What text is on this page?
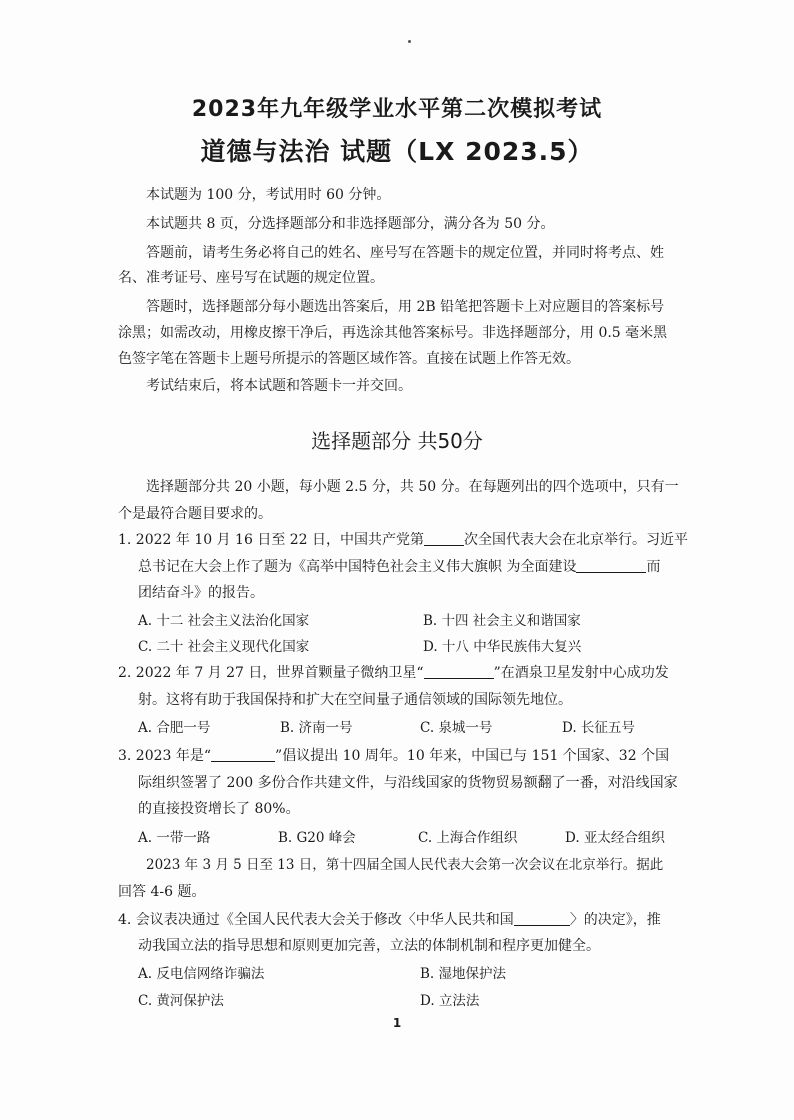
2023年九年级学业水平第二次模拟考试
道德与法治 试题（LX 2023.5）
本试题为 100 分，考试用时 60 分钟。
本试题共 8 页，分选择题部分和非选择题部分，满分各为 50 分。
答题前，请考生务必将自己的姓名、座号写在答题卡的规定位置，并同时将考点、姓
名、准考证号、座号写在试题的规定位置。
答题时，选择题部分每小题选出答案后，用 2B 铅笔把答题卡上对应题目的答案标号
涂黑；如需改动，用橡皮擦干净后，再选涂其他答案标号。非选择题部分，用 0.5 毫米黑
色签字笔在答题卡上题号所提示的答题区域作答。直接在试题上作答无效。
考试结束后，将本试题和答题卡一并交回。
选择题部分 共50分
选择题部分共 20 小题，每小题 2.5 分，共 50 分。在每题列出的四个选项中，只有一
个是最符合题目要求的。
1. 2022 年 10 月 16 日至 22 日，中国共产党第	次全国代表大会在北京举行。习近平
总书记在大会上作了题为《高举中国特色社会主义伟大旗帜 为全面建设	而
团结奋斗》的报告。
A. 十二 社会主义法治化国家	B. 十四 社会主义和谐国家
C. 二十 社会主义现代化国家	D. 十八 中华民族伟大复兴
2. 2022 年 7 月 27 日，世界首颗量子微纳卫星“	”在酒泉卫星发射中心成功发
射。这将有助于我国保持和扩大在空间量子通信领域的国际领先地位。
A. 合肥一号	B. 济南一号	C. 泉城一号	D. 长征五号
3. 2023 年是“	”倡议提出 10 周年。10 年来，中国已与 151 个国家、32 个国
际组织签署了 200 多份合作共建文件，与沿线国家的货物贸易额翻了一番，对沿线国家
的直接投资增长了 80%。
A. 一带一路	B. G20 峰会	C. 上海合作组织	D. 亚太经合组织
2023 年 3 月 5 日至 13 日，第十四届全国人民代表大会第一次会议在北京举行。据此
回答 4-6 题。
4. 会议表决通过《全国人民代表大会关于修改〈中华人民共和国	〉的决定》，推
动我国立法的指导思想和原则更加完善，立法的体制机制和程序更加健全。
A. 反电信网络诈骗法	B. 湿地保护法
C. 黄河保护法	D. 立法法
1
